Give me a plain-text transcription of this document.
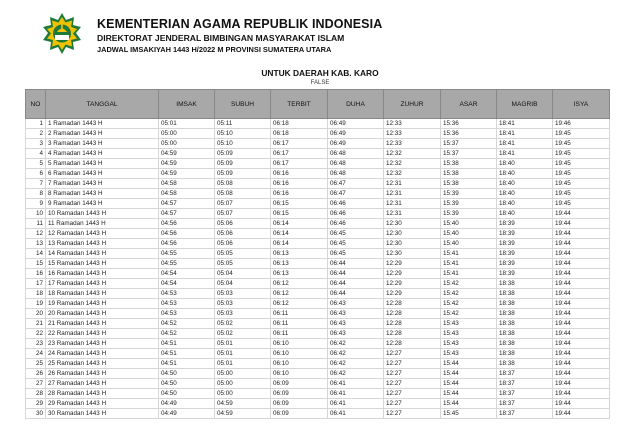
KEMENTERIAN AGAMA REPUBLIK INDONESIA
DIREKTORAT JENDERAL BIMBINGAN MASYARAKAT ISLAM
JADWAL IMSAKIYAH 1443 H/2022 M PROVINSI SUMATERA UTARA
UNTUK DAERAH KAB. KARO
FALSE
NO	TANGGAL	IMSAK	SUBUH	TERBIT	DUHA	ZUHUR	ASAR	MAGRIB	ISYA
1	1 Ramadan 1443 H	05:01	05:11	06:18	06:49	12:33	15:36	18:41	19:46
2	2 Ramadan 1443 H	05:00	05:10	06:18	06:49	12:33	15:36	18:41	19:45
3	3 Ramadan 1443 H	05:00	05:10	06:17	06:49	12:33	15:37	18:41	19:45
4	4 Ramadan 1443 H	04:59	05:09	06:17	06:48	12:32	15:37	18:41	19:45
5	5 Ramadan 1443 H	04:59	05:09	06:17	06:48	12:32	15:38	18:40	19:45
6	6 Ramadan 1443 H	04:59	05:09	06:16	06:48	12:32	15:38	18:40	19:45
7	7 Ramadan 1443 H	04:58	05:08	06:16	06:47	12:31	15:38	18:40	19:45
8	8 Ramadan 1443 H	04:58	05:08	06:16	06:47	12:31	15:39	18:40	19:45
9	9 Ramadan 1443 H	04:57	05:07	06:15	06:46	12:31	15:39	18:40	19:45
10	10 Ramadan 1443 H	04:57	05:07	06:15	06:46	12:31	15:39	18:40	19:44
11	11 Ramadan 1443 H	04:56	05:06	06:14	06:46	12:30	15:40	18:39	19:44
12	12 Ramadan 1443 H	04:56	05:06	06:14	06:45	12:30	15:40	18:39	19:44
13	13 Ramadan 1443 H	04:56	05:06	06:14	06:45	12:30	15:40	18:39	19:44
14	14 Ramadan 1443 H	04:55	05:05	06:13	06:45	12:30	15:41	18:39	19:44
15	15 Ramadan 1443 H	04:55	05:05	06:13	06:44	12:29	15:41	18:39	19:44
16	16 Ramadan 1443 H	04:54	05:04	06:13	06:44	12:29	15:41	18:39	19:44
17	17 Ramadan 1443 H	04:54	05:04	06:12	06:44	12:29	15:42	18:38	19:44
18	18 Ramadan 1443 H	04:53	05:03	06:12	06:44	12:29	15:42	18:38	19:44
19	19 Ramadan 1443 H	04:53	05:03	06:12	06:43	12:28	15:42	18:38	19:44
20	20 Ramadan 1443 H	04:53	05:03	06:11	06:43	12:28	15:42	18:38	19:44
21	21 Ramadan 1443 H	04:52	05:02	06:11	06:43	12:28	15:43	18:38	19:44
22	22 Ramadan 1443 H	04:52	05:02	06:11	06:43	12:28	15:43	18:38	19:44
23	23 Ramadan 1443 H	04:51	05:01	06:10	06:42	12:28	15:43	18:38	19:44
24	24 Ramadan 1443 H	04:51	05:01	06:10	06:42	12:27	15:43	18:38	19:44
25	25 Ramadan 1443 H	04:51	05:01	06:10	06:42	12:27	15:44	18:38	19:44
26	26 Ramadan 1443 H	04:50	05:00	06:10	06:42	12:27	15:44	18:37	19:44
27	27 Ramadan 1443 H	04:50	05:00	06:09	06:41	12:27	15:44	18:37	19:44
28	28 Ramadan 1443 H	04:50	05:00	06:09	06:41	12:27	15:44	18:37	19:44
29	29 Ramadan 1443 H	04:49	04:59	06:09	06:41	12:27	15:44	18:37	19:44
30	30 Ramadan 1443 H	04:49	04:59	06:09	06:41	12:27	15:45	18:37	19:44
